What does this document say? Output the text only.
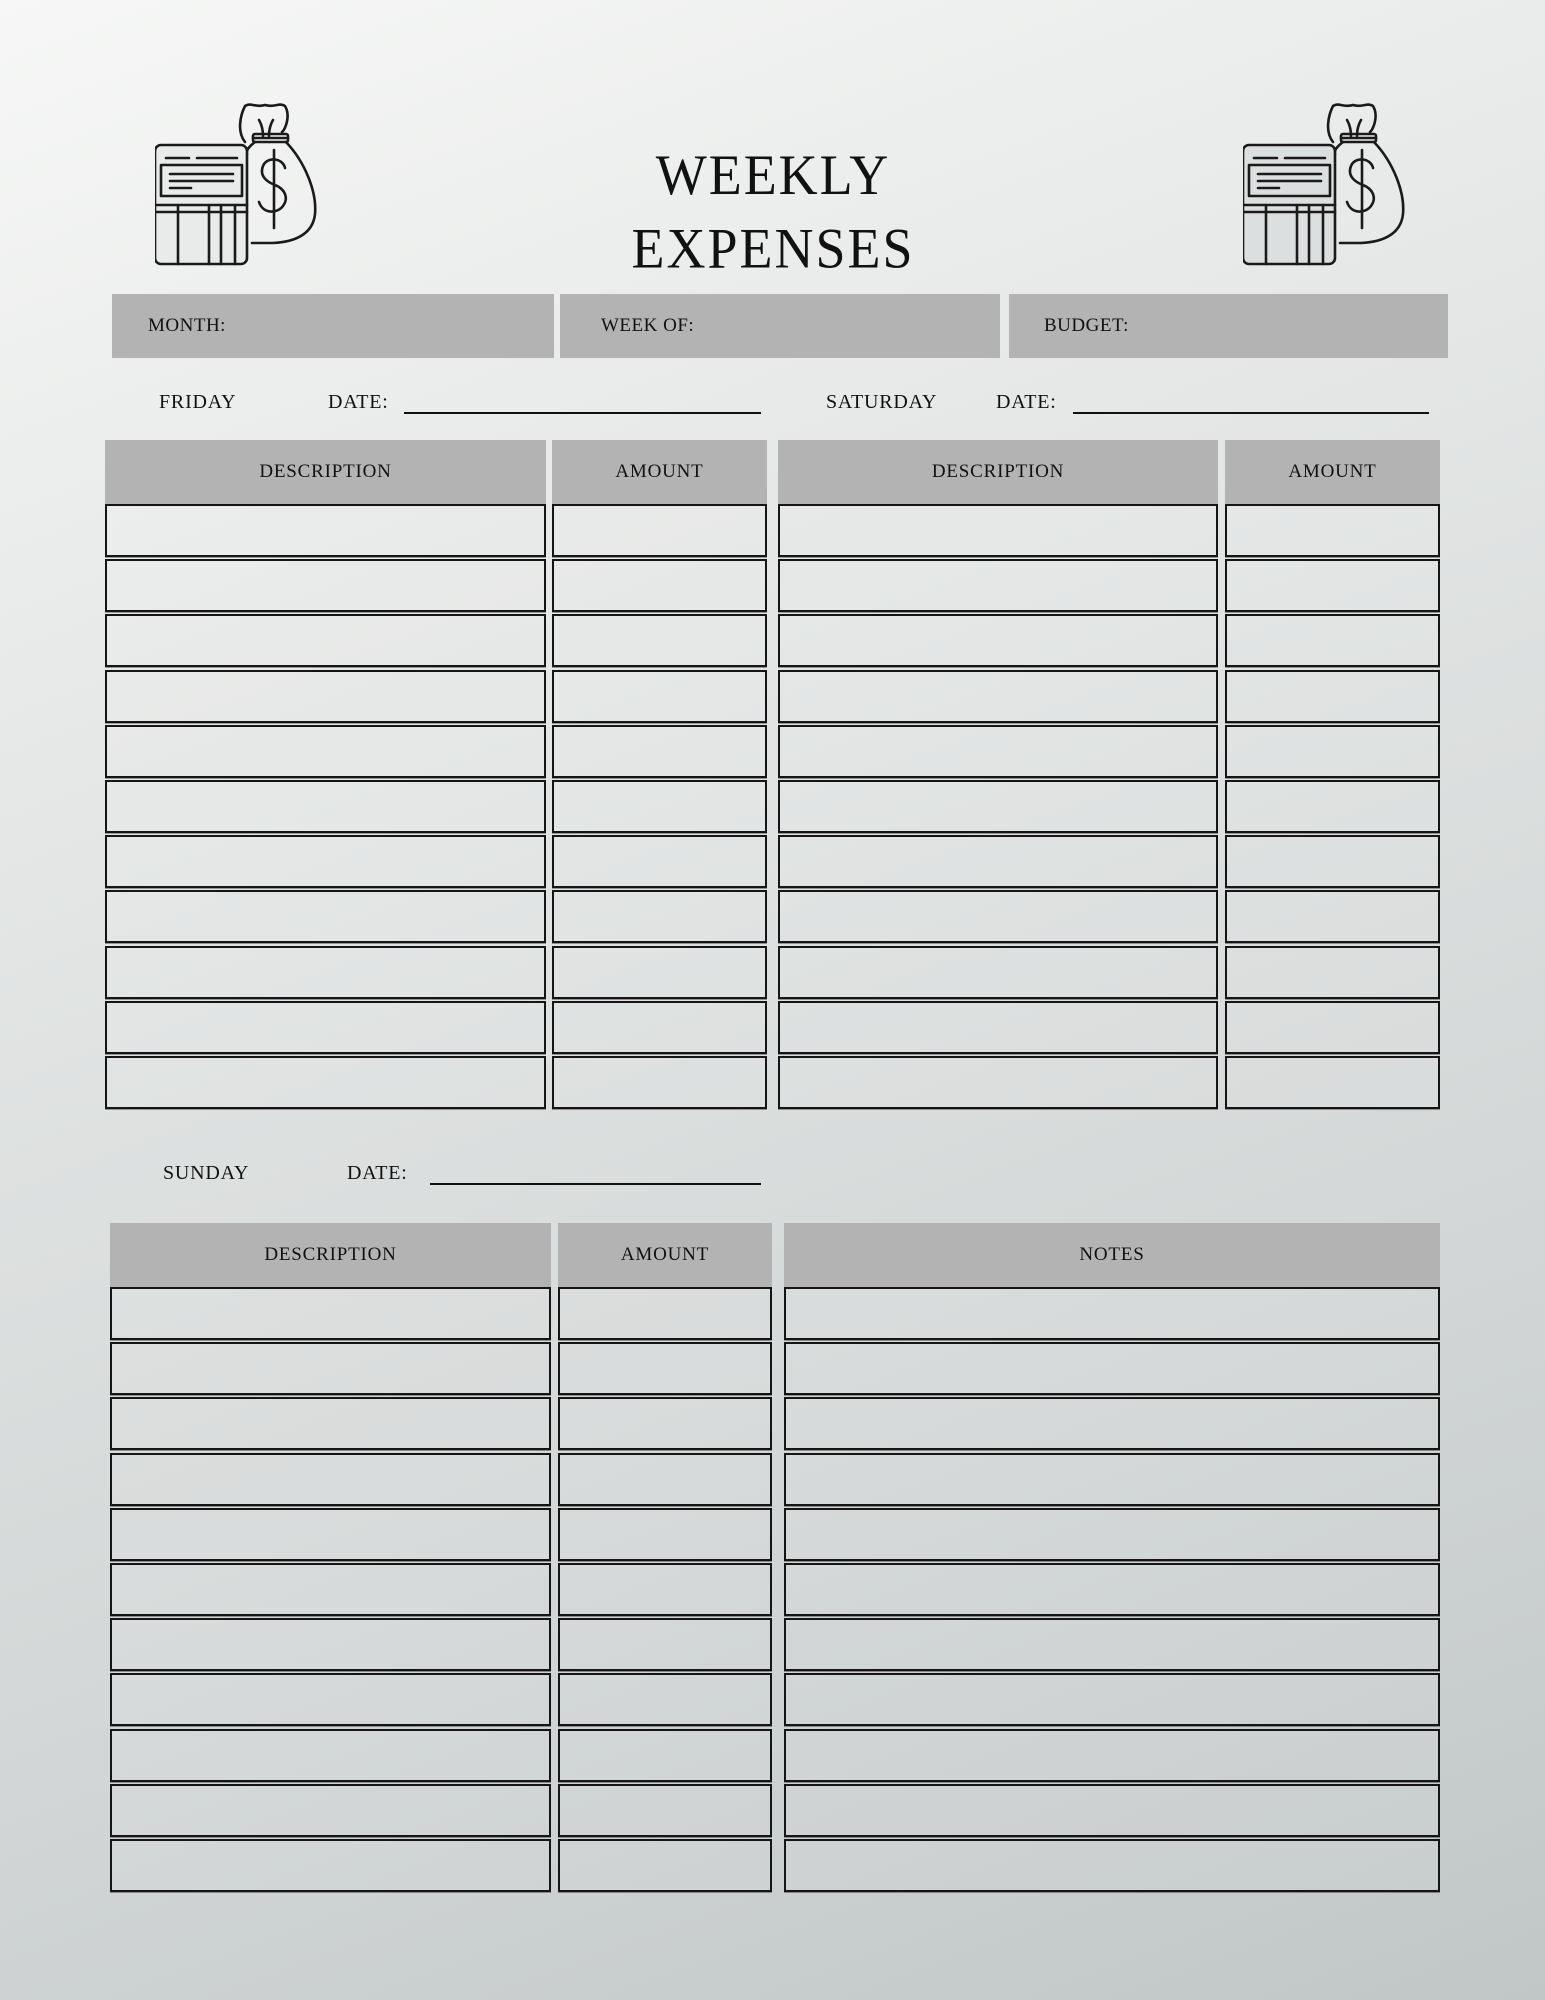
WEEKLY EXPENSES
MONTH:	WEEK OF:	BUDGET:
FRIDAY	DATE:	SATURDAY	DATE:
DESCRIPTION	AMOUNT	DESCRIPTION	AMOUNT
SUNDAY	DATE:
DESCRIPTION	AMOUNT	NOTES
